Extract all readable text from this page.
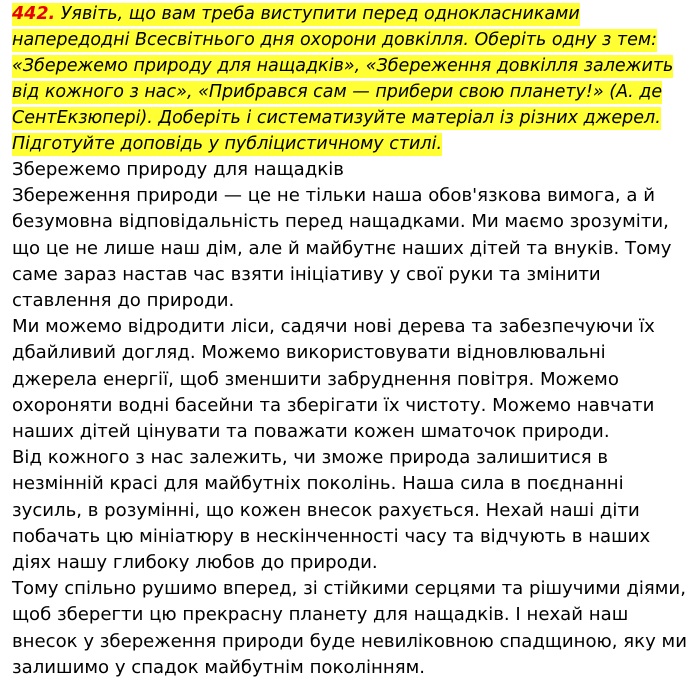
442. Уявіть, що вам треба виступити перед однокласниками напередодні Всесвітнього дня охорони довкілля. Оберіть одну з тем: «Збережемо природу для нащадків», «Збереження довкілля залежить від кожного з нас», «Прибрався сам — прибери свою планету!» (А. де СентЕкзюпері). Доберіть і систематизуйте матеріал із різних джерел. Підготуйте доповідь у публіцистичному стилі.

Збережемо природу для нащадків

Збереження природи — це не тільки наша обов'язкова вимога, а й безумовна відповідальність перед нащадками. Ми маємо зрозуміти, що це не лише наш дім, але й майбутнє наших дітей та внуків. Тому саме зараз настав час взяти ініціативу у свої руки та змінити ставлення до природи.

Ми можемо відродити ліси, садячи нові дерева та забезпечуючи їх дбайливий догляд. Можемо використовувати відновлювальні джерела енергії, щоб зменшити забруднення повітря. Можемо охороняти водні басейни та зберігати їх чистоту. Можемо навчати наших дітей цінувати та поважати кожен шматочок природи.

Від кожного з нас залежить, чи зможе природа залишитися в незмінній красі для майбутніх поколінь. Наша сила в поєднанні зусиль, в розумінні, що кожен внесок рахується. Нехай наші діти побачать цю мініатюру в нескінченності часу та відчують в наших діях нашу глибоку любов до природи.

Тому спільно рушимо вперед, зі стійкими серцями та рішучими діями, щоб зберегти цю прекрасну планету для нащадків. І нехай наш внесок у збереження природи буде невиліковною спадщиною, яку ми залишимо у спадок майбутнім поколінням.
